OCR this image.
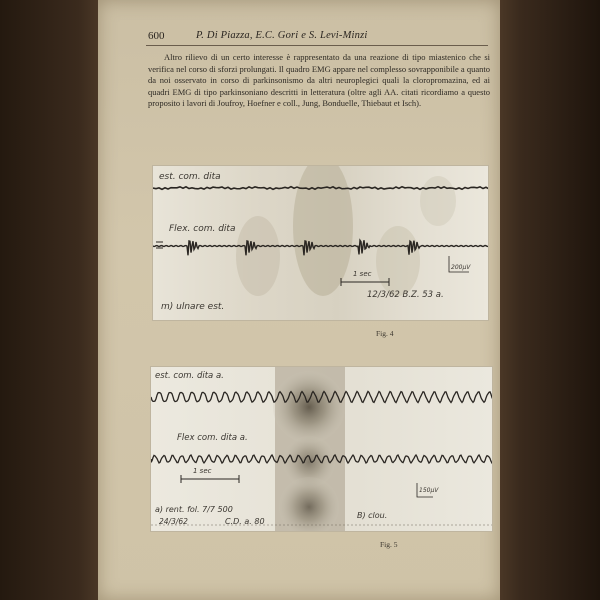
600	P. Di Piazza, E.C. Gori e S. Levi-Minzi

Altro rilievo di un certo interesse è rappresentato da una reazione di tipo miastenico che si verifica nel corso di sforzi prolungati. Il quadro EMG appare nel complesso sovrapponibile a quanto da noi osservato in corso di parkinsonismo da altri neuroplegici quali la cloropromazina, ed ai quadri EMG di tipo parkinsoniano descritti in letteratura (oltre agli AA. citati ricordiamo a questo proposito i lavori di Joufroy, Hoefner e coll., Jung, Bonduelle, Thiebaut et Isch).

est. com. dita
Flex. com. dita
1 sec
200µV
m) ulnare est.
12/3/62 B.Z. 53 a.
Fig. 4
est. com. dita a.
Flex com. dita a.
1 sec
150µV
a) rent. fol. 7/7 500
24/3/62	C.D. a. 80
B) clou.
Fig. 5
